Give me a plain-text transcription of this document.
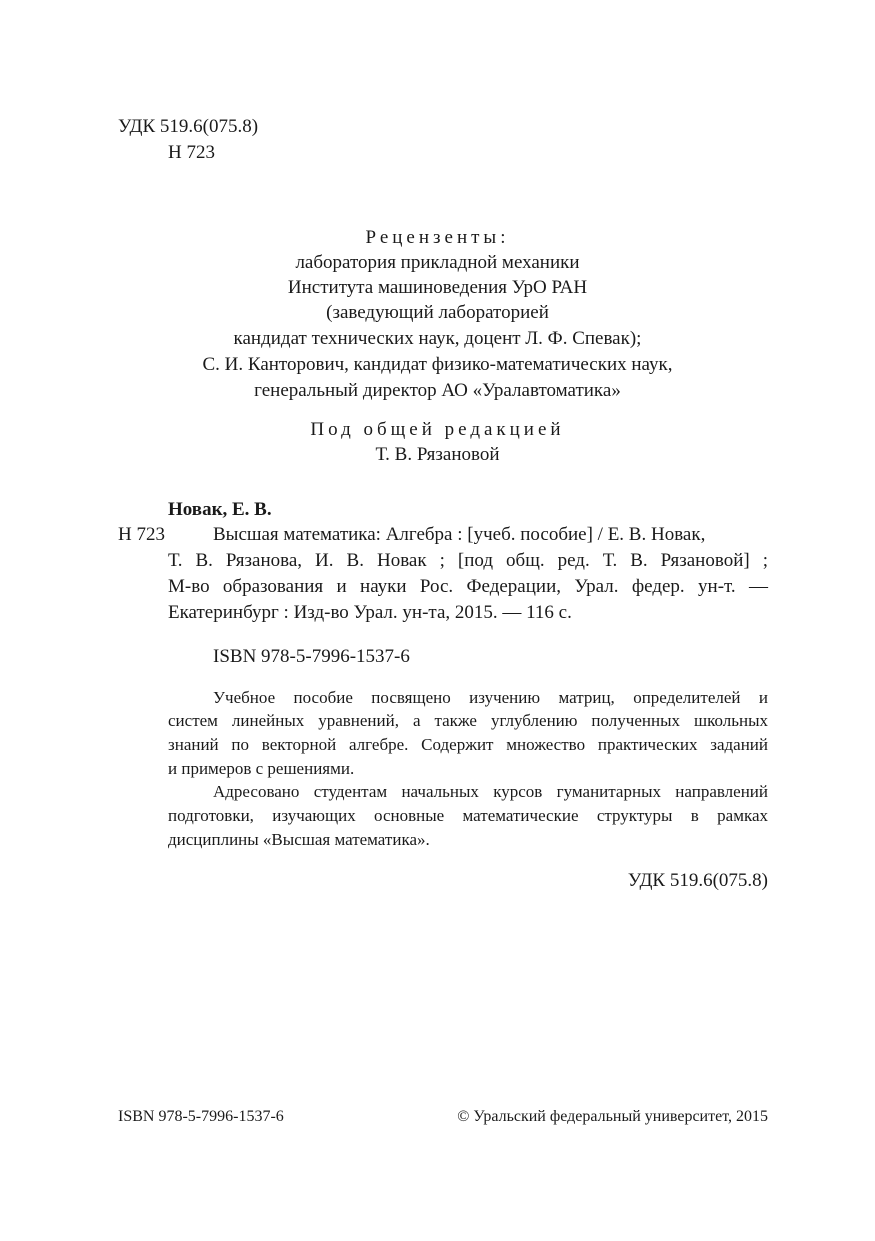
УДК 519.6(075.8)
Н 723
Рецензенты:
лаборатория прикладной механики
Института машиноведения УрО РАН
(заведующий лабораторией
кандидат технических наук, доцент Л. Ф. Спевак);
С. И. Канторович, кандидат физико-математических наук,
генеральный директор АО «Уралавтоматика»
Под общей редакцией
Т. В. Рязановой
Новак, Е. В.
Н 723	Высшая математика: Алгебра : [учеб. пособие] / Е. В. Новак,
Т. В. Рязанова, И. В. Новак ; [под общ. ред. Т. В. Рязановой] ;
М-во образования и науки Рос. Федерации, Урал. федер. ун-т. —
Екатеринбург : Изд-во Урал. ун-та, 2015. — 116 с.
ISBN 978-5-7996-1537-6
Учебное пособие посвящено изучению матриц, определителей и
систем линейных уравнений, а также углублению полученных школьных
знаний по векторной алгебре. Содержит множество практических заданий
и примеров с решениями.
Адресовано студентам начальных курсов гуманитарных направлений
подготовки, изучающих основные математические структуры в рамках
дисциплины «Высшая математика».
УДК 519.6(075.8)
ISBN 978-5-7996-1537-6	© Уральский федеральный университет, 2015
